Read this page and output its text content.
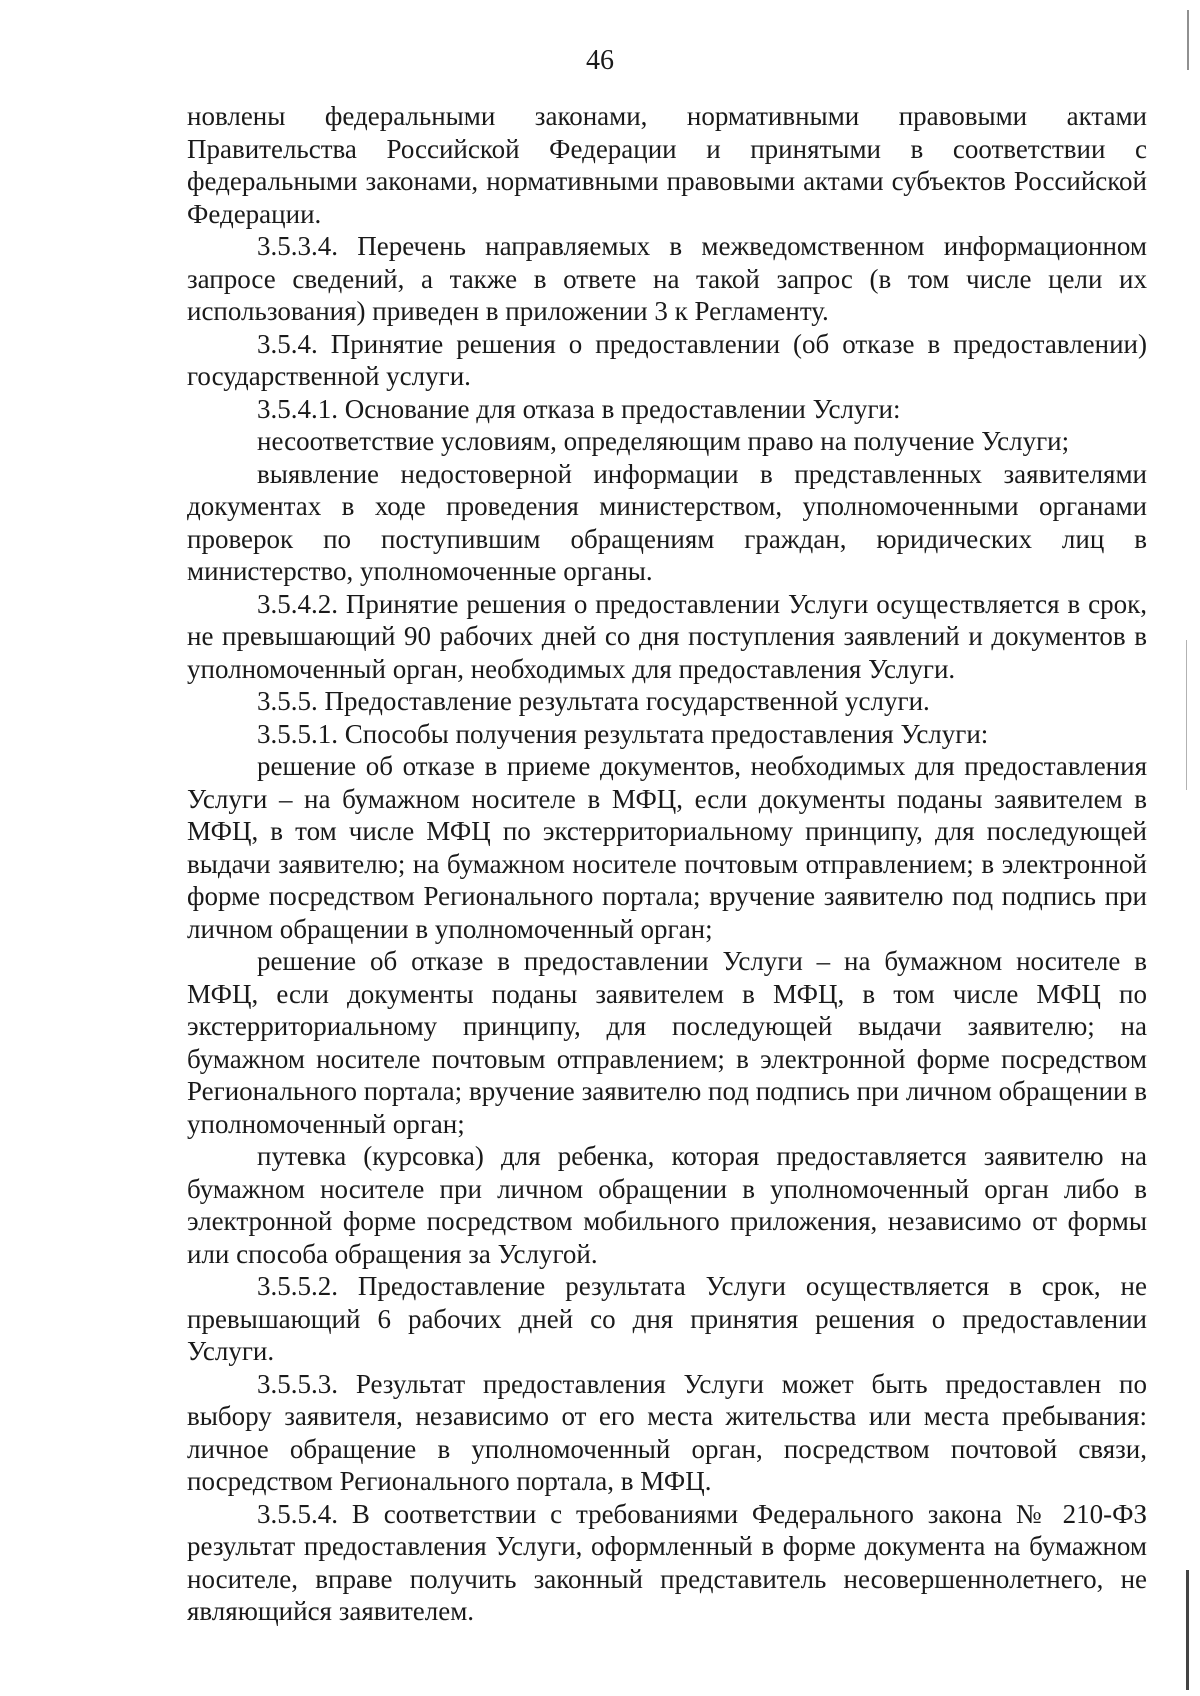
46

новлены федеральными законами, нормативными правовыми актами Правительства Российской Федерации и принятыми в соответствии с федеральными законами, нормативными правовыми актами субъектов Российской Федерации.

3.5.3.4. Перечень направляемых в межведомственном информационном запросе сведений, а также в ответе на такой запрос (в том числе цели их использования) приведен в приложении 3 к Регламенту.

3.5.4. Принятие решения о предоставлении (об отказе в предоставлении) государственной услуги.

3.5.4.1. Основание для отказа в предоставлении Услуги:

несоответствие условиям, определяющим право на получение Услуги;

выявление недостоверной информации в представленных заявителями документах в ходе проведения министерством, уполномоченными органами проверок по поступившим обращениям граждан, юридических лиц в министерство, уполномоченные органы.

3.5.4.2. Принятие решения о предоставлении Услуги осуществляется в срок, не превышающий 90 рабочих дней со дня поступления заявлений и документов в уполномоченный орган, необходимых для предоставления Услуги.

3.5.5. Предоставление результата государственной услуги.

3.5.5.1. Способы получения результата предоставления Услуги:

решение об отказе в приеме документов, необходимых для предоставления Услуги – на бумажном носителе в МФЦ, если документы поданы заявителем в МФЦ, в том числе МФЦ по экстерриториальному принципу, для последующей выдачи заявителю; на бумажном носителе почтовым отправлением; в электронной форме посредством Регионального портала; вручение заявителю под подпись при личном обращении в уполномоченный орган;

решение об отказе в предоставлении Услуги – на бумажном носителе в МФЦ, если документы поданы заявителем в МФЦ, в том числе МФЦ по экстерриториальному принципу, для последующей выдачи заявителю; на бумажном носителе почтовым отправлением; в электронной форме посредством Регионального портала; вручение заявителю под подпись при личном обращении в уполномоченный орган;

путевка (курсовка) для ребенка, которая предоставляется заявителю на бумажном носителе при личном обращении в уполномоченный орган либо в электронной форме посредством мобильного приложения, независимо от формы или способа обращения за Услугой.

3.5.5.2. Предоставление результата Услуги осуществляется в срок, не превышающий 6 рабочих дней со дня принятия решения о предоставлении Услуги.

3.5.5.3. Результат предоставления Услуги может быть предоставлен по выбору заявителя, независимо от его места жительства или места пребывания: личное обращение в уполномоченный орган, посредством почтовой связи, посредством Регионального портала, в МФЦ.

3.5.5.4. В соответствии с требованиями Федерального закона № 210-ФЗ результат предоставления Услуги, оформленный в форме документа на бумажном носителе, вправе получить законный представитель несовершеннолетнего, не являющийся заявителем.
